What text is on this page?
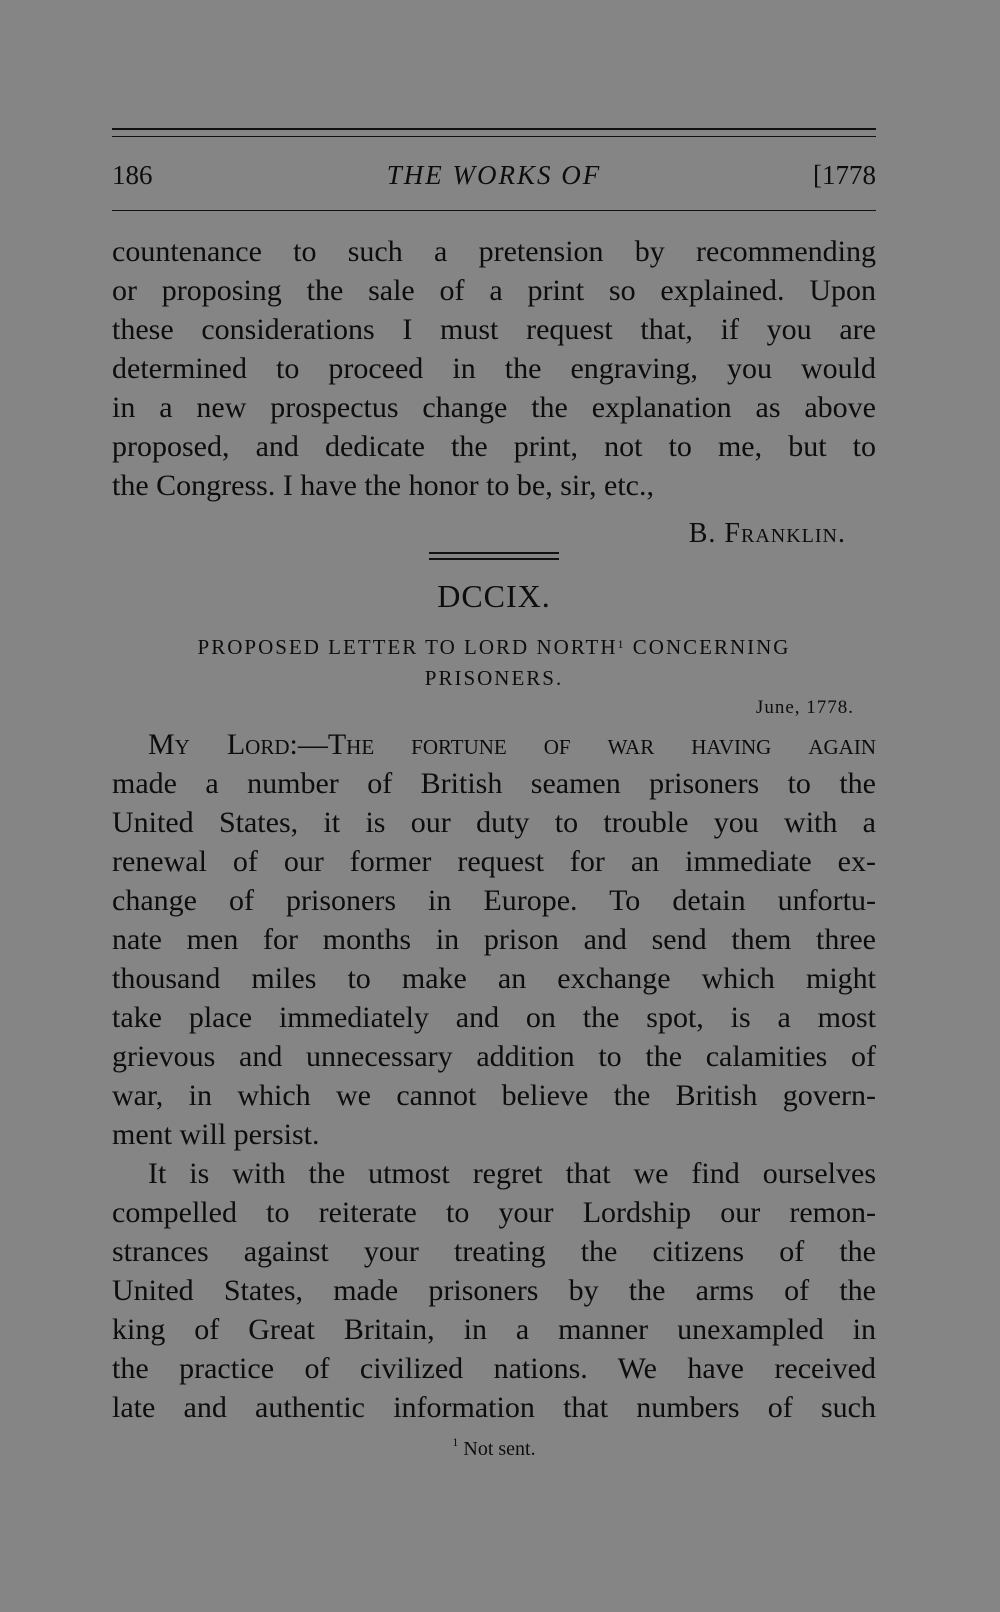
186	THE WORKS OF	[1778
countenance to such a pretension by recommending
or proposing the sale of a print so explained. Upon
these considerations I must request that, if you are
determined to proceed in the engraving, you would
in a new prospectus change the explanation as above
proposed, and dedicate the print, not to me, but to
the Congress. I have the honor to be, sir, etc.,
B. Franklin.
DCCIX.
PROPOSED LETTER TO LORD NORTH$^1$ CONCERNING
PRISONERS.
June, 1778.
My Lord:—The fortune of war having again
made a number of British seamen prisoners to the
United States, it is our duty to trouble you with a
renewal of our former request for an immediate ex-
change of prisoners in Europe. To detain unfortu-
nate men for months in prison and send them three
thousand miles to make an exchange which might
take place immediately and on the spot, is a most
grievous and unnecessary addition to the calamities of
war, in which we cannot believe the British govern-
ment will persist.
It is with the utmost regret that we find ourselves
compelled to reiterate to your Lordship our remon-
strances against your treating the citizens of the
United States, made prisoners by the arms of the
king of Great Britain, in a manner unexampled in
the practice of civilized nations. We have received
late and authentic information that numbers of such
$^1$ Not sent.
